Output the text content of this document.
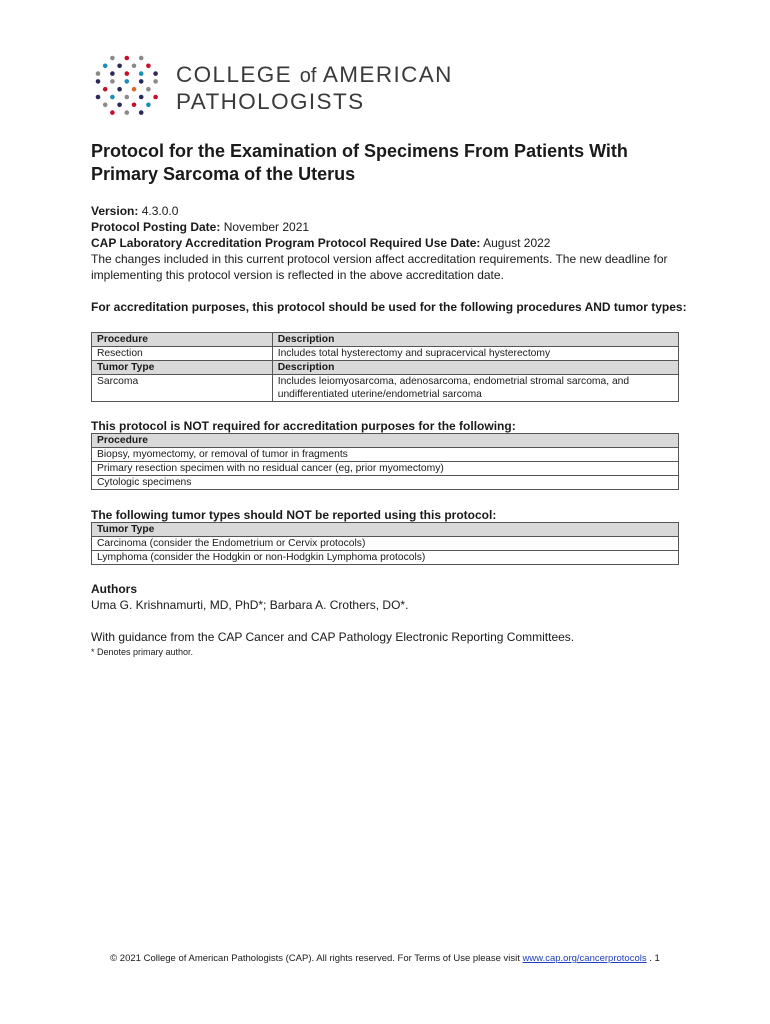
COLLEGE of AMERICAN
PATHOLOGISTS
Protocol for the Examination of Specimens From Patients With Primary Sarcoma of the Uterus
Version: 4.3.0.0
Protocol Posting Date: November 2021
CAP Laboratory Accreditation Program Protocol Required Use Date: August 2022
The changes included in this current protocol version affect accreditation requirements. The new deadline for implementing this protocol version is reflected in the above accreditation date.
For accreditation purposes, this protocol should be used for the following procedures AND tumor types:
Procedure	Description
Resection	Includes total hysterectomy and supracervical hysterectomy
Tumor Type	Description
Sarcoma	Includes leiomyosarcoma, adenosarcoma, endometrial stromal sarcoma, and undifferentiated uterine/endometrial sarcoma
This protocol is NOT required for accreditation purposes for the following:
Procedure
Biopsy, myomectomy, or removal of tumor in fragments
Primary resection specimen with no residual cancer (eg, prior myomectomy)
Cytologic specimens
The following tumor types should NOT be reported using this protocol:
Tumor Type
Carcinoma (consider the Endometrium or Cervix protocols)
Lymphoma (consider the Hodgkin or non-Hodgkin Lymphoma protocols)
Authors
Uma G. Krishnamurti, MD, PhD*; Barbara A. Crothers, DO*.
With guidance from the CAP Cancer and CAP Pathology Electronic Reporting Committees.
* Denotes primary author.
© 2021 College of American Pathologists (CAP). All rights reserved. For Terms of Use please visit www.cap.org/cancerprotocols . 1
